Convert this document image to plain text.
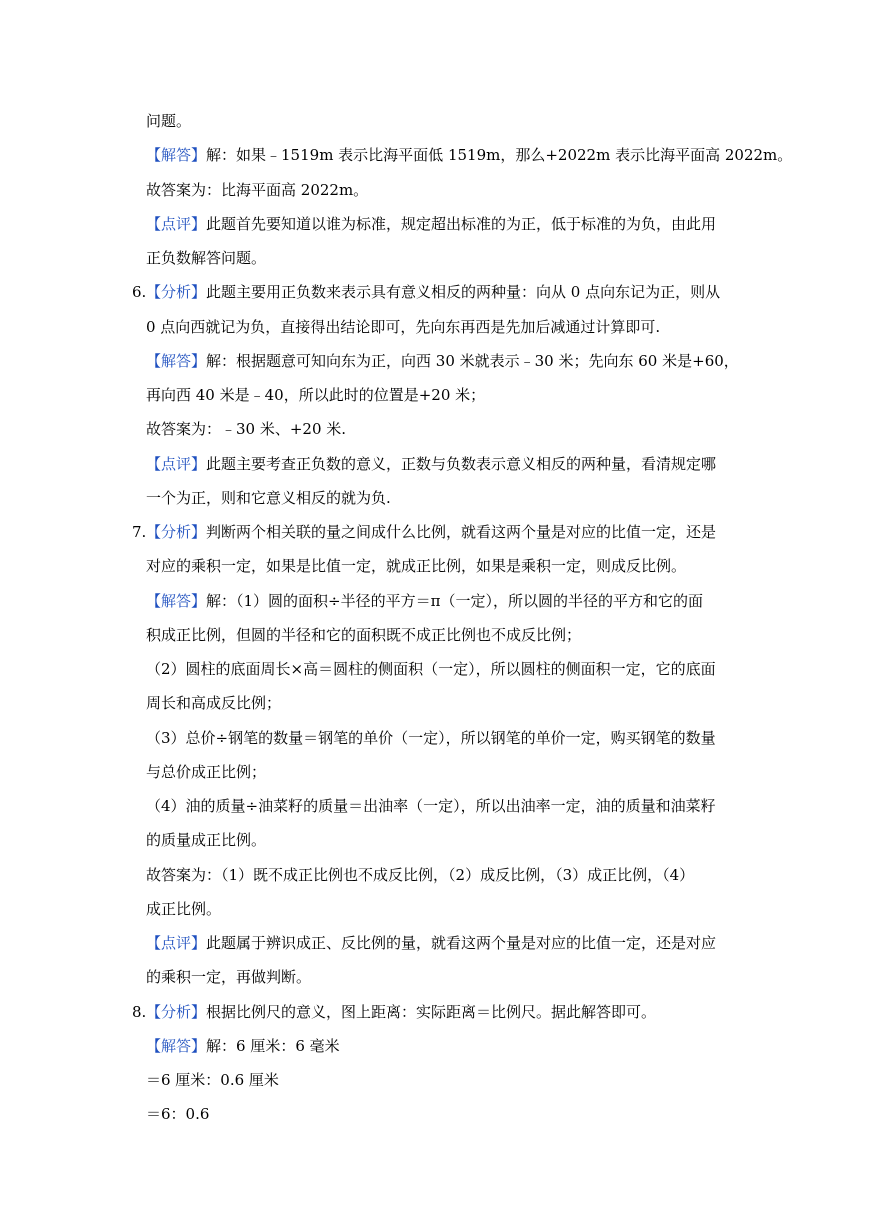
问题。
【解答】解：如果﹣1519m 表示比海平面低 1519m，那么+2022m 表示比海平面高 2022m。
故答案为：比海平面高 2022m。
【点评】此题首先要知道以谁为标准，规定超出标准的为正，低于标准的为负，由此用
正负数解答问题。
6. 【分析】此题主要用正负数来表示具有意义相反的两种量：向从 0 点向东记为正，则从
0 点向西就记为负，直接得出结论即可，先向东再西是先加后减通过计算即可.
【解答】解：根据题意可知向东为正，向西 30 米就表示﹣30 米；先向东 60 米是+60，
再向西 40 米是﹣40，所以此时的位置是+20 米；
故答案为：﹣30 米、+20 米.
【点评】此题主要考查正负数的意义，正数与负数表示意义相反的两种量，看清规定哪
一个为正，则和它意义相反的就为负.
7. 【分析】判断两个相关联的量之间成什么比例，就看这两个量是对应的比值一定，还是
对应的乘积一定，如果是比值一定，就成正比例，如果是乘积一定，则成反比例。
【解答】解：（1）圆的面积÷半径的平方＝π（一定），所以圆的半径的平方和它的面
积成正比例，但圆的半径和它的面积既不成正比例也不成反比例；
（2）圆柱的底面周长×高＝圆柱的侧面积（一定），所以圆柱的侧面积一定，它的底面
周长和高成反比例；
（3）总价÷钢笔的数量＝钢笔的单价（一定），所以钢笔的单价一定，购买钢笔的数量
与总价成正比例；
（4）油的质量÷油菜籽的质量＝出油率（一定），所以出油率一定，油的质量和油菜籽
的质量成正比例。
故答案为：（1）既不成正比例也不成反比例，（2）成反比例，（3）成正比例，（4）
成正比例。
【点评】此题属于辨识成正、反比例的量，就看这两个量是对应的比值一定，还是对应
的乘积一定，再做判断。
8. 【分析】根据比例尺的意义，图上距离：实际距离＝比例尺。据此解答即可。
【解答】解：6 厘米：6 毫米
＝6 厘米：0.6 厘米
＝6：0.6
